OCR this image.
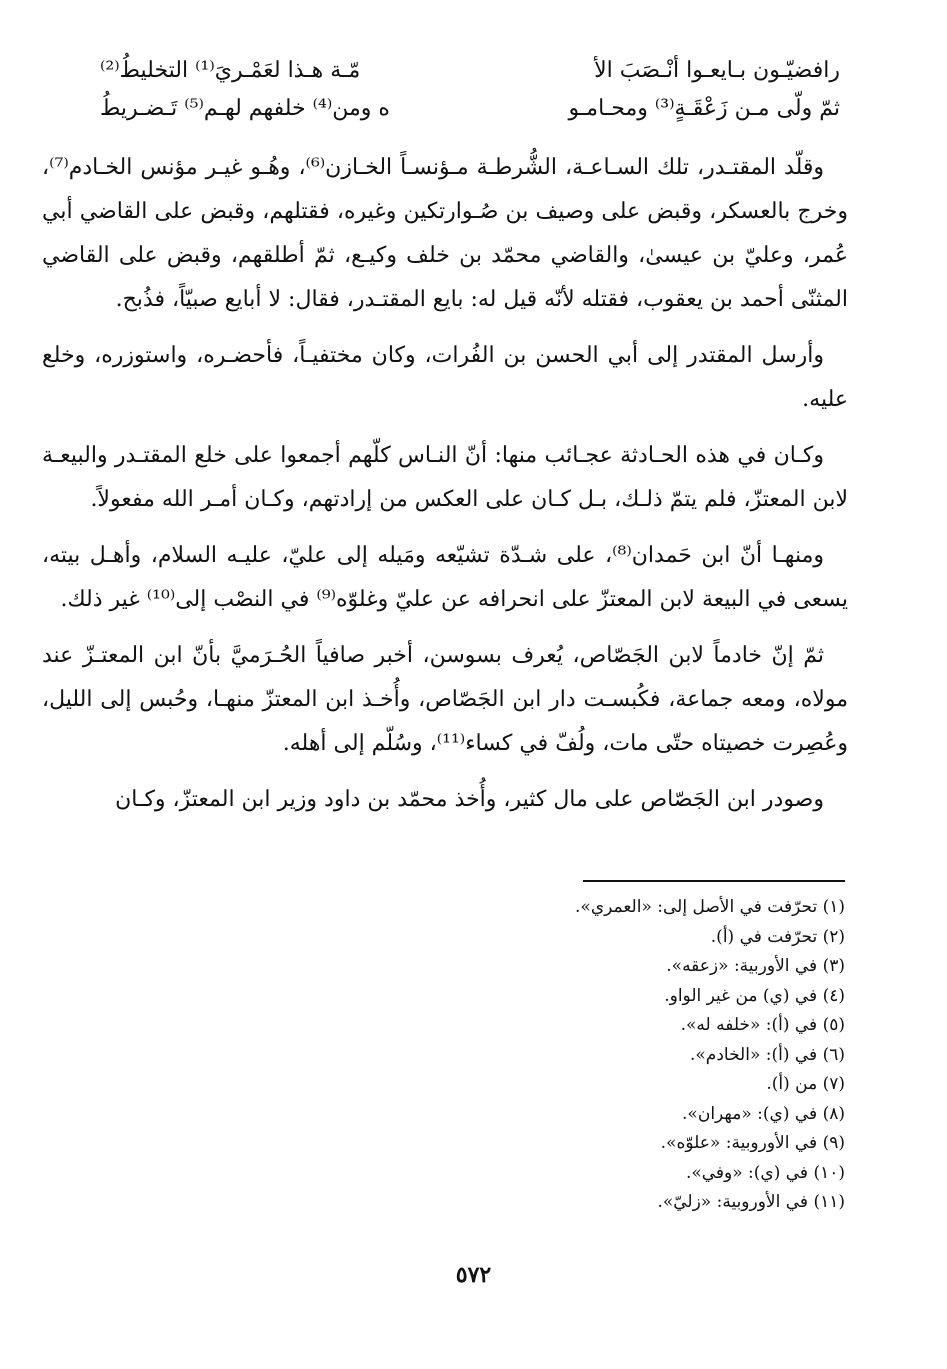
رافضيّـون بـايعـوا أنْـصَبَ الأ
مّـة هـذا لعَمْـريَ⁽¹⁾ التخليطُ⁽²⁾
ثمّ ولّى مـن زَعْقَـةٍ⁽³⁾ ومحـامـو
ه ومن⁽⁴⁾ خلفهم لهـم⁽⁵⁾ تَـضـريطُ

وقلّد المقتـدر، تلك السـاعـة، الشُّرطـة مـؤنسـاً الخـازن⁽⁶⁾، وهُـو غيـر مؤنس الخـادم⁽⁷⁾، وخرج بالعسكر، وقبض على وصيف بن صُـوارتكين وغيره، فقتلهم، وقبض على القاضي أبي عُمر، وعليّ بن عيسىٰ، والقاضي محمّد بن خلف وكيـع، ثمّ أطلقهم، وقبض على القاضي المثنّى أحمد بن يعقوب، فقتله لأنّه قيل له: بايع المقتـدر، فقال: لا أبايع صبيّاً، فذُبح.

وأرسل المقتدر إلى أبي الحسن بن الفُرات، وكان مختفيـاً، فأحضـره، واستوزره، وخلع عليه.

وكـان في هذه الحـادثة عجـائب منها: أنّ النـاس كلّهم أجمعوا على خلع المقتـدر والبيعـة لابن المعتزّ، فلم يتمّ ذلـك، بـل كـان على العكس من إرادتهم، وكـان أمـر الله مفعولاً.

ومنهـا أنّ ابن حَمدان⁽⁸⁾، على شـدّة تشيّعه ومَيله إلى عليّ، عليـه السلام، وأهـل بيته، يسعى في البيعة لابن المعتزّ على انحرافه عن عليّ وغلوّه⁽⁹⁾ في النصْب إلى⁽¹⁰⁾ غير ذلك.

ثمّ إنّ خادماً لابن الجَصّاص، يُعرف بسوسن، أخبر صافياً الحُـرَميَّ بأنّ ابن المعتـزّ عند مولاه، ومعه جماعة، فكُبسـت دار ابن الجَصّاص، وأُخـذ ابن المعتزّ منهـا، وحُبس إلى الليل، وعُصِرت خصيتاه حتّى مات، ولُفّ في كساء⁽¹¹⁾، وسُلّم إلى أهله.

وصودر ابن الجَصّاص على مال كثير، وأُخذ محمّد بن داود وزير ابن المعتزّ، وكـان

(١) تحرّفت في الأصل إلى: «العمري».
(٢) تحرّفت في (أ).
(٣) في الأوربية: «زعقه».
(٤) في (ي) من غير الواو.
(٥) في (أ): «خلفه له».
(٦) في (أ): «الخادم».
(٧) من (أ).
(٨) في (ي): «مهران».
(٩) في الأوروبية: «علوّه».
(١٠) في (ي): «وفي».
(١١) في الأوروبية: «زليّ».
٥٧٢
